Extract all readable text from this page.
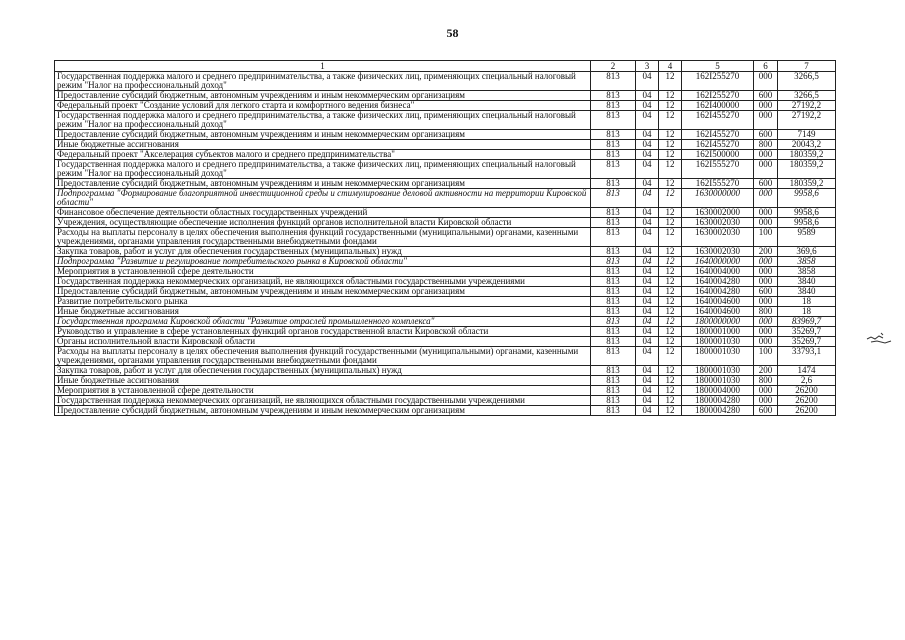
58
1	2	3	4	5	6	7
Государственная поддержка малого и среднего предпринимательства, а также физических лиц, применяющих специальный налоговый режим "Налог на профессиональный доход"	813	04	12	162I255270	000	3266,5
Предоставление субсидий бюджетным, автономным учреждениям и иным некоммерческим организациям	813	04	12	162I255270	600	3266,5
Федеральный проект "Создание условий для легкого старта и комфортного ведения бизнеса"	813	04	12	162I400000	000	27192,2
Государственная поддержка малого и среднего предпринимательства, а также физических лиц, применяющих специальный налоговый режим "Налог на профессиональный доход"	813	04	12	162I455270	000	27192,2
Предоставление субсидий бюджетным, автономным учреждениям и иным некоммерческим организациям	813	04	12	162I455270	600	7149
Иные бюджетные ассигнования	813	04	12	162I455270	800	20043,2
Федеральный проект "Акселерация субъектов малого и среднего предпринимательства"	813	04	12	162I500000	000	180359,2
Государственная поддержка малого и среднего предпринимательства, а также физических лиц, применяющих специальный налоговый режим "Налог на профессиональный доход"	813	04	12	162I555270	000	180359,2
Предоставление субсидий бюджетным, автономным учреждениям и иным некоммерческим организациям	813	04	12	162I555270	600	180359,2
Подпрограмма "Формирование благоприятной инвестиционной среды и стимулирование деловой активности на территории Кировской области"	813	04	12	1630000000	000	9958,6
Финансовое обеспечение деятельности областных государственных учреждений	813	04	12	1630002000	000	9958,6
Учреждения, осуществляющие обеспечение исполнения функций органов исполнительной власти Кировской области	813	04	12	1630002030	000	9958,6
Расходы на выплаты персоналу в целях обеспечения выполнения функций государственными (муниципальными) органами, казенными учреждениями, органами управления государственными внебюджетными фондами	813	04	12	1630002030	100	9589
Закупка товаров, работ и услуг для обеспечения государственных (муниципальных) нужд	813	04	12	1630002030	200	369,6
Подпрограмма "Развитие и регулирование потребительского рынка в Кировской области"	813	04	12	1640000000	000	3858
Мероприятия в установленной сфере деятельности	813	04	12	1640004000	000	3858
Государственная поддержка некоммерческих организаций, не являющихся областными государственными учреждениями	813	04	12	1640004280	000	3840
Предоставление субсидий бюджетным, автономным учреждениям и иным некоммерческим организациям	813	04	12	1640004280	600	3840
Развитие потребительского рынка	813	04	12	1640004600	000	18
Иные бюджетные ассигнования	813	04	12	1640004600	800	18
Государственная программа Кировской области "Развитие отраслей промышленного комплекса"	813	04	12	1800000000	000	83969,7
Руководство и управление в сфере установленных функций органов государственной власти Кировской области	813	04	12	1800001000	000	35269,7
Органы исполнительной власти Кировской области	813	04	12	1800001030	000	35269,7
Расходы на выплаты персоналу в целях обеспечения выполнения функций государственными (муниципальными) органами, казенными учреждениями, органами управления государственными внебюджетными фондами	813	04	12	1800001030	100	33793,1
Закупка товаров, работ и услуг для обеспечения государственных (муниципальных) нужд	813	04	12	1800001030	200	1474
Иные бюджетные ассигнования	813	04	12	1800001030	800	2,6
Мероприятия в установленной сфере деятельности	813	04	12	1800004000	000	26200
Государственная поддержка некоммерческих организаций, не являющихся областными государственными учреждениями	813	04	12	1800004280	000	26200
Предоставление субсидий бюджетным, автономным учреждениям и иным некоммерческим организациям	813	04	12	1800004280	600	26200
